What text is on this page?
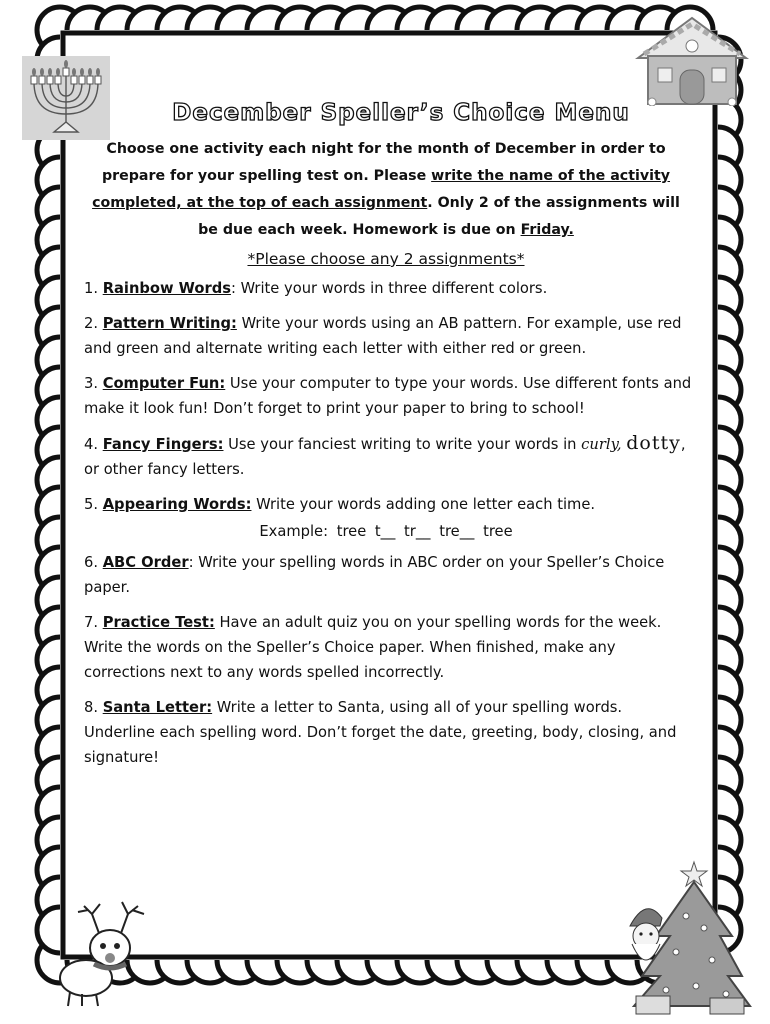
December Speller’s Choice Menu
Choose one activity each night for the month of December in order to prepare for your spelling test on. Please write the name of the activity completed, at the top of each assignment. Only 2 of the assignments will be due each week. Homework is due on Friday.
*Please choose any 2 assignments*
1. Rainbow Words: Write your words in three different colors.
2. Pattern Writing: Write your words using an AB pattern. For example, use red and green and alternate writing each letter with either red or green.
3. Computer Fun: Use your computer to type your words. Use different fonts and make it look fun! Don’t forget to print your paper to bring to school!
4. Fancy Fingers: Use your fanciest writing to write your words in curly, dotty, or other fancy letters.
5. Appearing Words: Write your words adding one letter each time.
Example: tree t__ tr__ tre__ tree
6. ABC Order: Write your spelling words in ABC order on your Speller’s Choice paper.
7. Practice Test: Have an adult quiz you on your spelling words for the week. Write the words on the Speller’s Choice paper. When finished, make any corrections next to any words spelled incorrectly.
8. Santa Letter: Write a letter to Santa, using all of your spelling words. Underline each spelling word. Don’t forget the date, greeting, body, closing, and signature!
